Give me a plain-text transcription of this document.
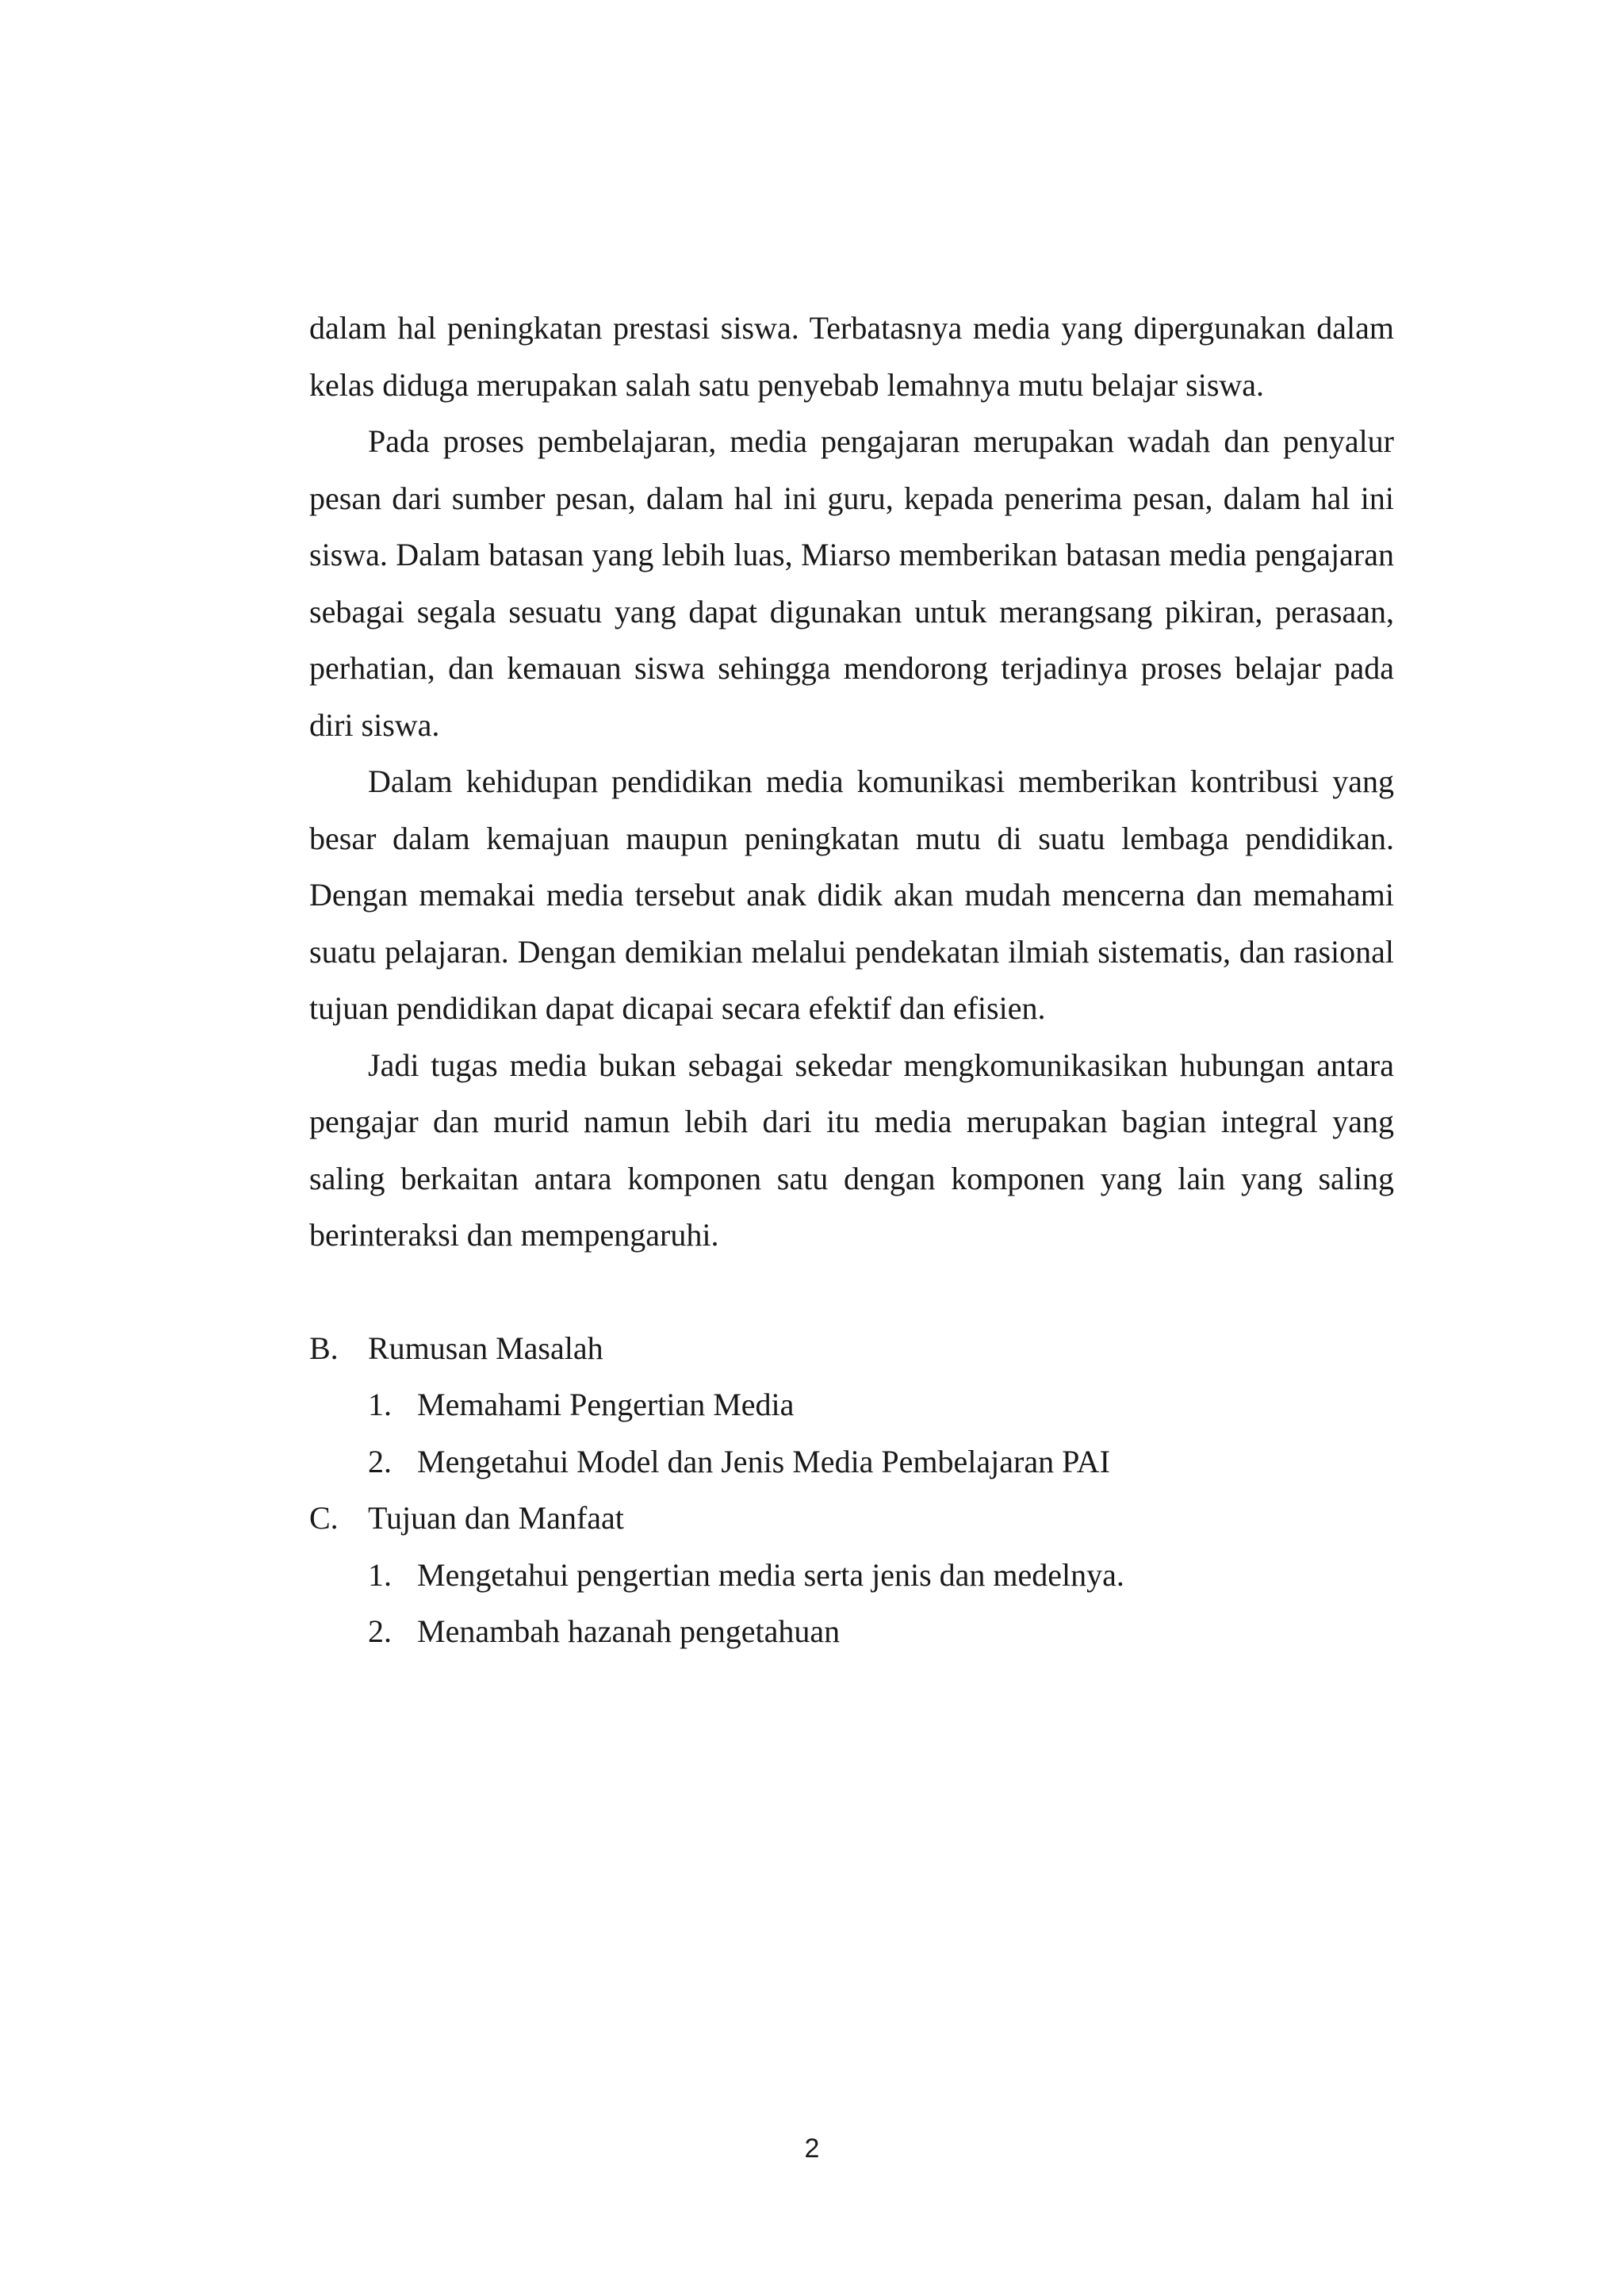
dalam hal peningkatan prestasi siswa. Terbatasnya media yang dipergunakan dalam kelas diduga merupakan salah satu penyebab lemahnya mutu belajar siswa.

Pada proses pembelajaran, media pengajaran merupakan wadah dan penyalur pesan dari sumber pesan, dalam hal ini guru, kepada penerima pesan, dalam hal ini siswa. Dalam batasan yang lebih luas, Miarso memberikan batasan media pengajaran sebagai segala sesuatu yang dapat digunakan untuk merangsang pikiran, perasaan, perhatian, dan kemauan siswa sehingga mendorong terjadinya proses belajar pada diri siswa.

Dalam kehidupan pendidikan media komunikasi memberikan kontribusi yang besar dalam kemajuan maupun peningkatan mutu di suatu lembaga pendidikan. Dengan memakai media tersebut anak didik akan mudah mencerna dan memahami suatu pelajaran. Dengan demikian melalui pendekatan ilmiah sistematis, dan rasional tujuan pendidikan dapat dicapai secara efektif dan efisien.

Jadi tugas media bukan sebagai sekedar mengkomunikasikan hubungan antara pengajar dan murid namun lebih dari itu media merupakan bagian integral yang saling berkaitan antara komponen satu dengan komponen yang lain yang saling berinteraksi dan mempengaruhi.

B. Rumusan Masalah
1. Memahami Pengertian Media
2. Mengetahui Model dan Jenis Media Pembelajaran PAI
C. Tujuan dan Manfaat
1. Mengetahui pengertian media serta jenis dan medelnya.
2. Menambah hazanah pengetahuan
2
